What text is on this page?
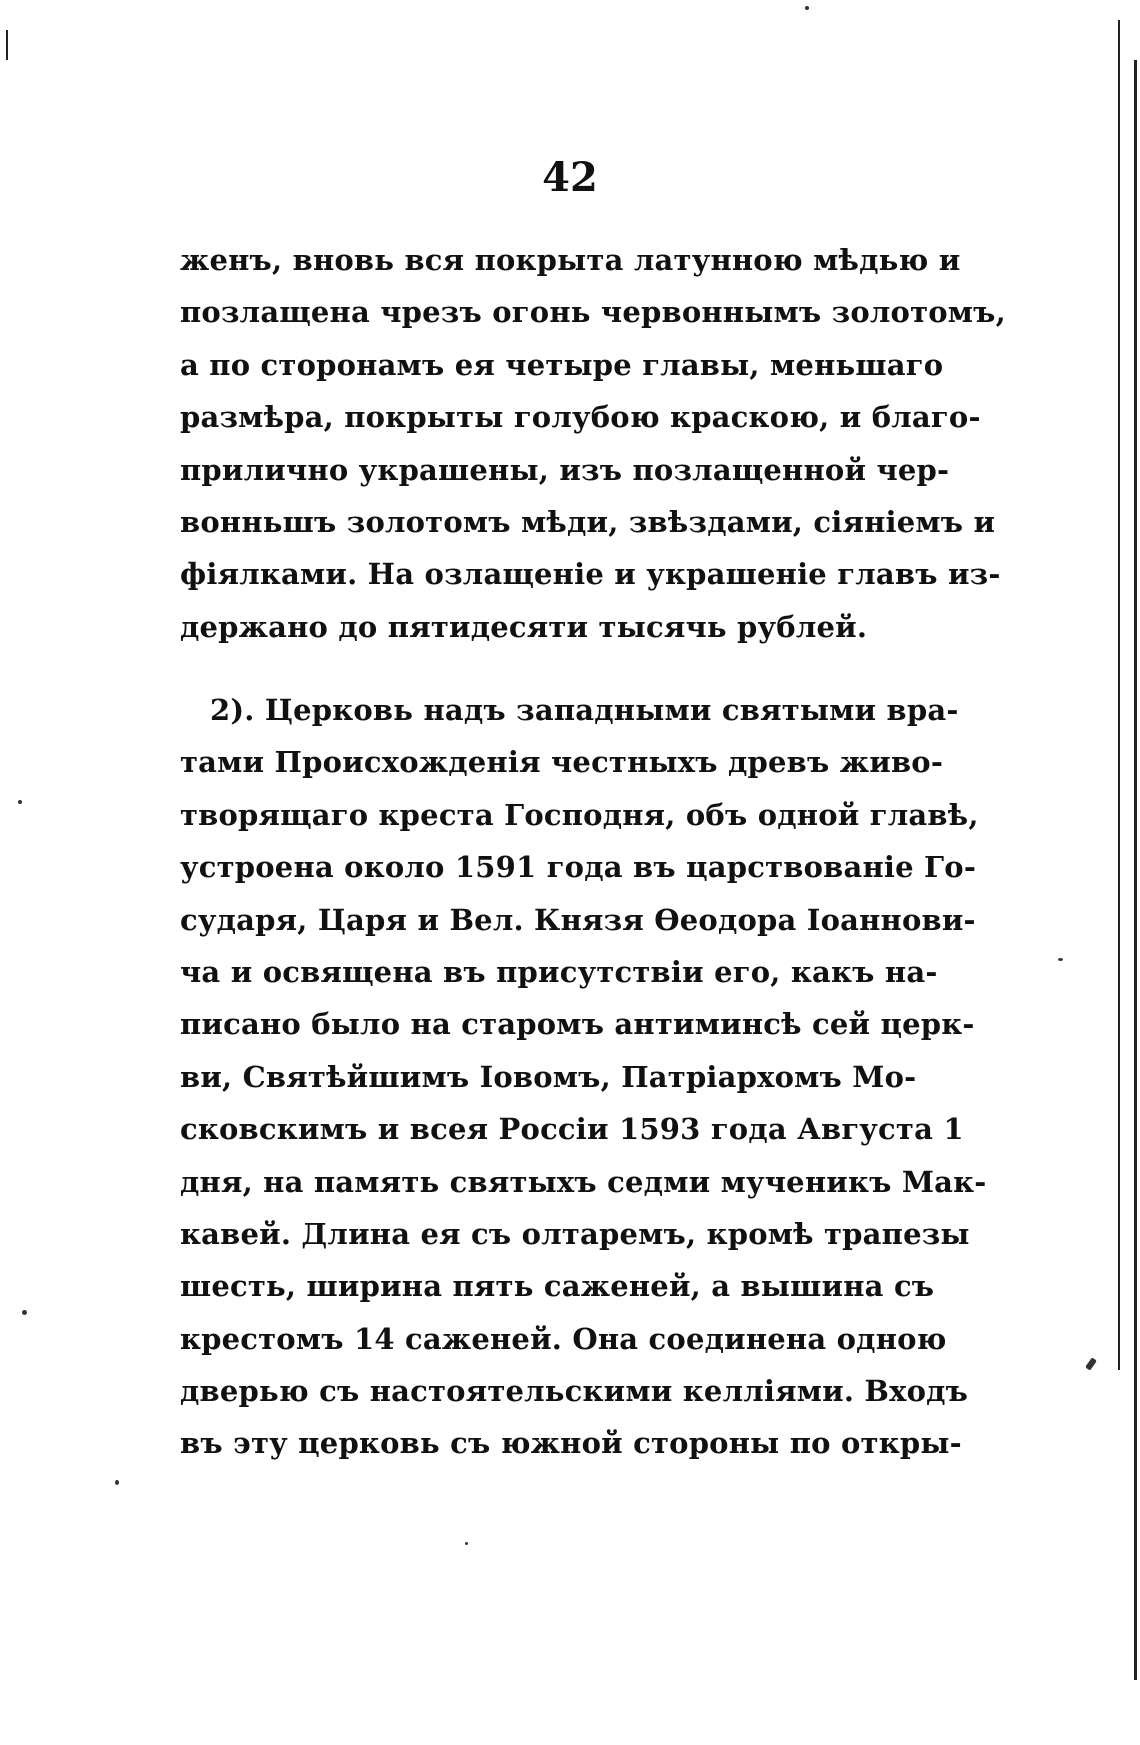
42
женъ, вновь вся покрыта латунною мѣдью и
позлащена чрезъ огонь червоннымъ золотомъ,
а по сторонамъ ея четыре главы, меньшаго
размѣра, покрыты голубою краскою, и благо-
прилично украшены, изъ позлащенной чер-
вонньшъ золотомъ мѣди, звѣздами, сіяніемъ и
фіялками. На озлащеніе и украшеніе главъ из-
держано до пятидесяти тысячь рублей.
2). Церковь надъ западными святыми вра-
тами Происхожденія честныхъ древъ живо-
творящаго креста Господня, объ одной главѣ,
устроена около 1591 года въ царствованіе Го-
сударя, Царя и Вел. Князя Ѳеодора Іоаннови-
ча и освящена въ присутствіи его, какъ на-
писано было на старомъ антиминсѣ сей церк-
ви, Святѣйшимъ Іовомъ, Патріархомъ Мо-
сковскимъ и всея Россіи 1593 года Августа 1
дня, на память святыхъ седми мученикъ Мак-
кавей. Длина ея съ олтаремъ, кромѣ трапезы
шесть, ширина пять саженей, а вышина съ
крестомъ 14 саженей. Она соединена одною
дверью съ настоятельскими келліями. Входъ
въ эту церковь съ южной стороны по откры-
